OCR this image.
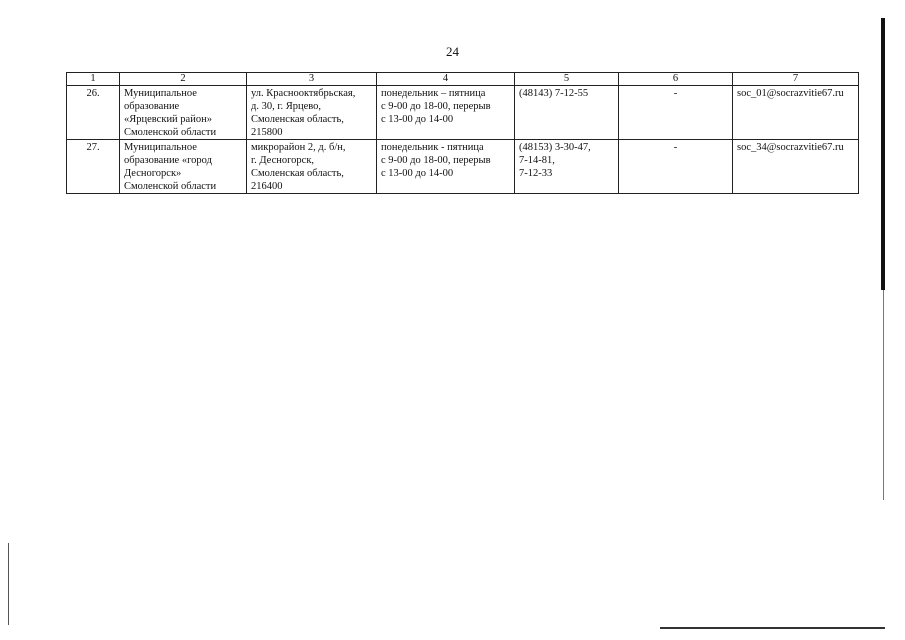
24
1	2	3	4	5	6	7
26.	Муниципальное
образование
«Ярцевский район»
Смоленской области	ул. Краснооктябрьская,
д. 30, г. Ярцево,
Смоленская область,
215800	понедельник – пятница
с 9-00 до 18-00, перерыв
с 13-00 до 14-00	(48143) 7-12-55	-	soc_01@socrazvitie67.ru
27.	Муниципальное
образование «город
Десногорск»
Смоленской области	микрорайон 2, д. б/н,
г. Десногорск,
Смоленская область,
216400	понедельник - пятница
с 9-00 до 18-00, перерыв
с 13-00 до 14-00	(48153) 3-30-47,
7-14-81,
7-12-33	-	soc_34@socrazvitie67.ru
